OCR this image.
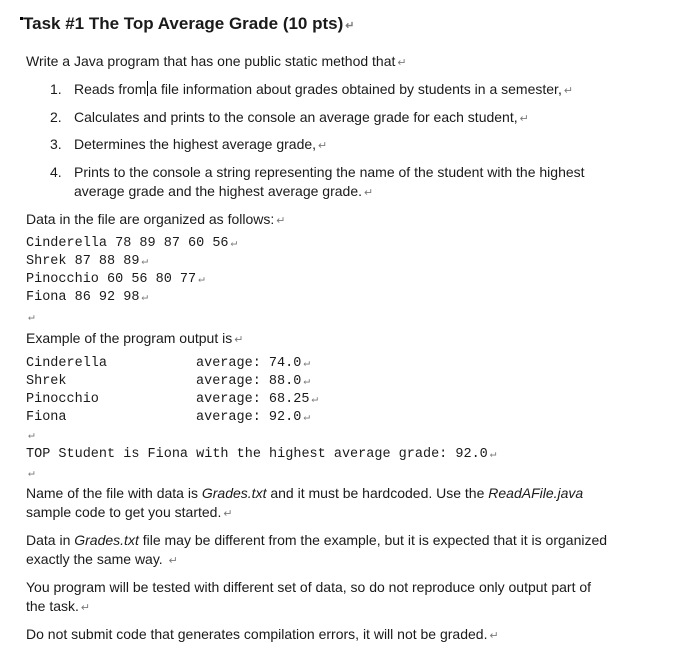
Task #1 The Top Average Grade (10 pts) ↵
Write a Java program that has one public static method that ↵
1. Reads from a file information about grades obtained by students in a semester, ↵
2. Calculates and prints to the console an average grade for each student, ↵
3. Determines the highest average grade, ↵
4. Prints to the console a string representing the name of the student with the highest
average grade and the highest average grade. ↵
Data in the file are organized as follows: ↵
Cinderella 78 89 87 60 56 ↵
Shrek 87 88 89 ↵
Pinocchio 60 56 80 77 ↵
Fiona 86 92 98 ↵
↵
Example of the program output is ↵
Cinderella	average: 74.0 ↵
Shrek	average: 88.0 ↵
Pinocchio	average: 68.25 ↵
Fiona	average: 92.0 ↵
↵
TOP Student is Fiona with the highest average grade: 92.0 ↵
↵
Name of the file with data is Grades.txt and it must be hardcoded. Use the ReadAFile.java
sample code to get you started. ↵
Data in Grades.txt file may be different from the example, but it is expected that it is organized
exactly the same way. ↵
You program will be tested with different set of data, so do not reproduce only output part of
the task. ↵
Do not submit code that generates compilation errors, it will not be graded. ↵
